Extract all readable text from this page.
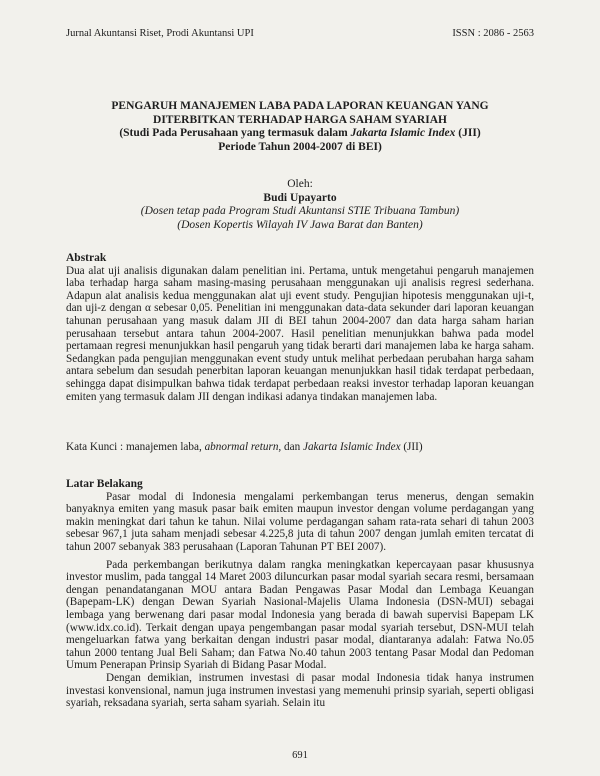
Jurnal Akuntansi Riset, Prodi Akuntansi UPI	ISSN : 2086 - 2563
PENGARUH MANAJEMEN LABA PADA LAPORAN KEUANGAN YANG
DITERBITKAN TERHADAP HARGA SAHAM SYARIAH
(Studi Pada Perusahaan yang termasuk dalam Jakarta Islamic Index (JII)
Periode Tahun 2004-2007 di BEI)
Oleh:
Budi Upayarto
(Dosen tetap pada Program Studi Akuntansi STIE Tribuana Tambun)
(Dosen Kopertis Wilayah IV Jawa Barat dan Banten)
Abstrak

Dua alat uji analisis digunakan dalam penelitian ini. Pertama, untuk mengetahui pengaruh manajemen laba terhadap harga saham masing-masing perusahaan menggunakan uji analisis regresi sederhana. Adapun alat analisis kedua menggunakan alat uji event study. Pengujian hipotesis menggunakan uji-t, dan uji-z dengan α sebesar 0,05. Penelitian ini menggunakan data-data sekunder dari laporan keuangan tahunan perusahaan yang masuk dalam JII di BEI tahun 2004-2007 dan data harga saham harian perusahaan tersebut antara tahun 2004-2007. Hasil penelitian menunjukkan bahwa pada model pertamaan regresi menunjukkan hasil pengaruh yang tidak berarti dari manajemen laba ke harga saham. Sedangkan pada pengujian menggunakan event study untuk melihat perbedaan perubahan harga saham antara sebelum dan sesudah penerbitan laporan keuangan menunjukkan hasil tidak terdapat perbedaan, sehingga dapat disimpulkan bahwa tidak terdapat perbedaan reaksi investor terhadap laporan keuangan emiten yang termasuk dalam JII dengan indikasi adanya tindakan manajemen laba.

Kata Kunci : manajemen laba, abnormal return, dan Jakarta Islamic Index (JII)
Latar Belakang

Pasar modal di Indonesia mengalami perkembangan terus menerus, dengan semakin banyaknya emiten yang masuk pasar baik emiten maupun investor dengan volume perdagangan yang makin meningkat dari tahun ke tahun. Nilai volume perdagangan saham rata-rata sehari di tahun 2003 sebesar 967,1 juta saham menjadi sebesar 4.225,8 juta di tahun 2007 dengan jumlah emiten tercatat di tahun 2007 sebanyak 383 perusahaan (Laporan Tahunan PT BEI 2007).

Pada perkembangan berikutnya dalam rangka meningkatkan kepercayaan pasar khususnya investor muslim, pada tanggal 14 Maret 2003 diluncurkan pasar modal syariah secara resmi, bersamaan dengan penandatanganan MOU antara Badan Pengawas Pasar Modal dan Lembaga Keuangan (Bapepam-LK) dengan Dewan Syariah Nasional-Majelis Ulama Indonesia (DSN-MUI) sebagai lembaga yang berwenang dari pasar modal Indonesia yang berada di bawah supervisi Bapepam LK (www.idx.co.id). Terkait dengan upaya pengembangan pasar modal syariah tersebut, DSN-MUI telah mengeluarkan fatwa yang berkaitan dengan industri pasar modal, diantaranya adalah: Fatwa No.05 tahun 2000 tentang Jual Beli Saham; dan Fatwa No.40 tahun 2003 tentang Pasar Modal dan Pedoman Umum Penerapan Prinsip Syariah di Bidang Pasar Modal.

Dengan demikian, instrumen investasi di pasar modal Indonesia tidak hanya instrumen investasi konvensional, namun juga instrumen investasi yang memenuhi prinsip syariah, seperti obligasi syariah, reksadana syariah, serta saham syariah. Selain itu

691
